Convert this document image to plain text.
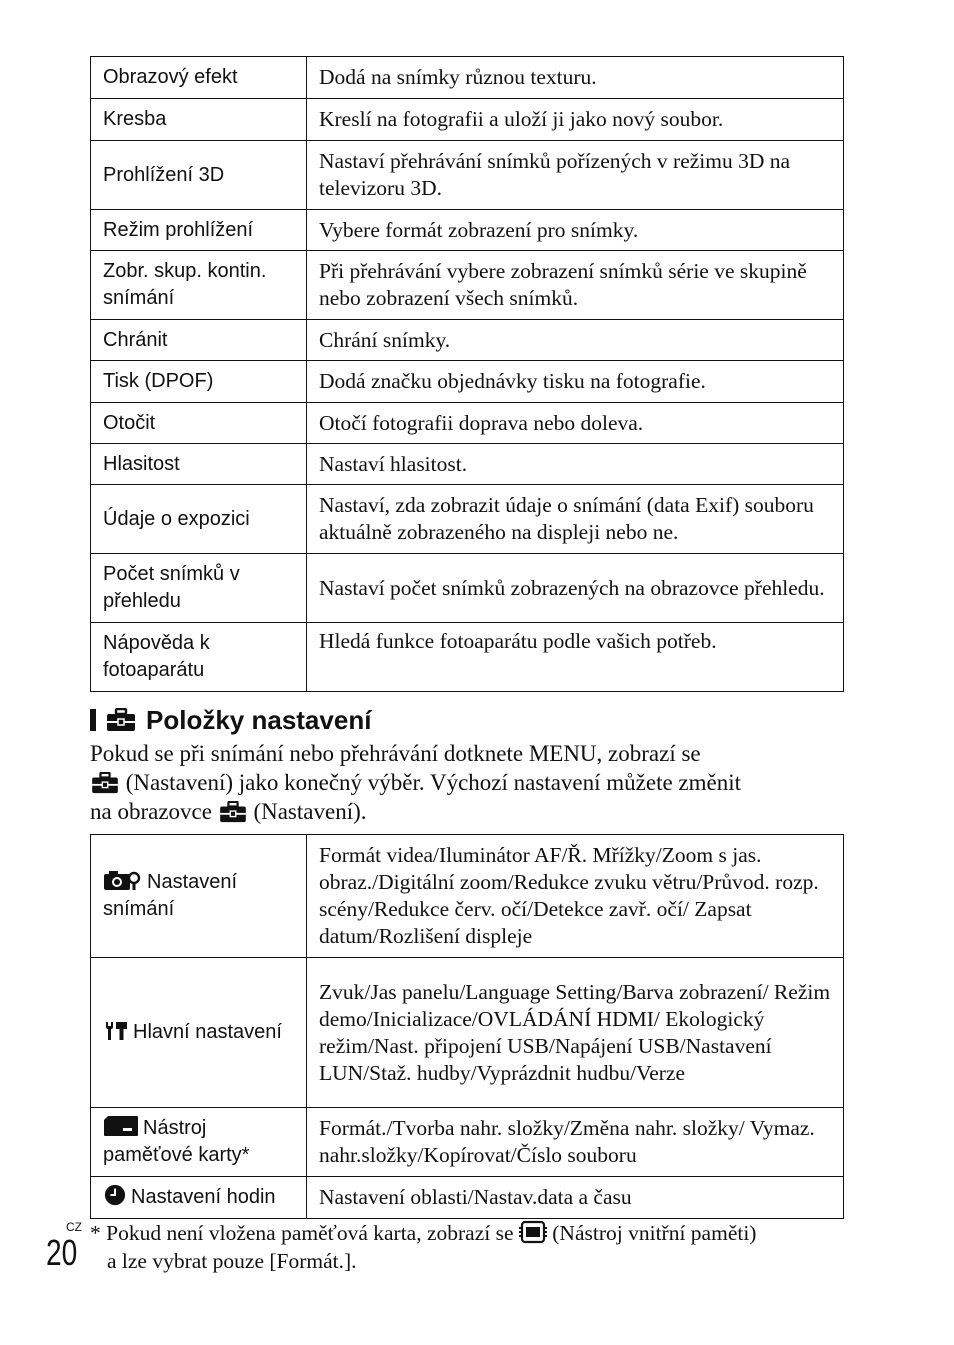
Obrazový efekt	Dodá na snímky různou texturu.
Kresba	Kreslí na fotografii a uloží ji jako nový soubor.
Prohlížení 3D	Nastaví přehrávání snímků pořízených v režimu 3D na televizoru 3D.
Režim prohlížení	Vybere formát zobrazení pro snímky.
Zobr. skup. kontin. snímání	Při přehrávání vybere zobrazení snímků série ve skupině nebo zobrazení všech snímků.
Chránit	Chrání snímky.
Tisk (DPOF)	Dodá značku objednávky tisku na fotografie.
Otočit	Otočí fotografii doprava nebo doleva.
Hlasitost	Nastaví hlasitost.
Údaje o expozici	Nastaví, zda zobrazit údaje o snímání (data Exif) souboru aktuálně zobrazeného na displeji nebo ne.
Počet snímků v přehledu	Nastaví počet snímků zobrazených na obrazovce přehledu.
Nápověda k fotoaparátu	Hledá funkce fotoaparátu podle vašich potřeb.
Položky nastavení
Pokud se při snímání nebo přehrávání dotknete MENU, zobrazí se
(Nastavení) jako konečný výběr. Výchozí nastavení můžete změnit
na obrazovce  (Nastavení).
Nastavení snímání	Formát videa/Iluminátor AF/Ř. Mřížky/Zoom s jas. obraz./Digitální zoom/Redukce zvuku větru/Průvod. rozp. scény/Redukce červ. očí/Detekce zavř. očí/ Zapsat datum/Rozlišení displeje
Hlavní nastavení	Zvuk/Jas panelu/Language Setting/Barva zobrazení/ Režim demo/Inicializace/OVLÁDÁNÍ HDMI/ Ekologický režim/Nast. připojení USB/Napájení USB/Nastavení LUN/Staž. hudby/Vyprázdnit hudbu/Verze
Nástroj paměťové karty*	Formát./Tvorba nahr. složky/Změna nahr. složky/ Vymaz. nahr.složky/Kopírovat/Číslo souboru
Nastavení hodin	Nastavení oblasti/Nastav.data a času
CZ
20 * Pokud není vložena paměťová karta, zobrazí se  (Nástroj vnitřní paměti)
a lze vybrat pouze [Formát.].
